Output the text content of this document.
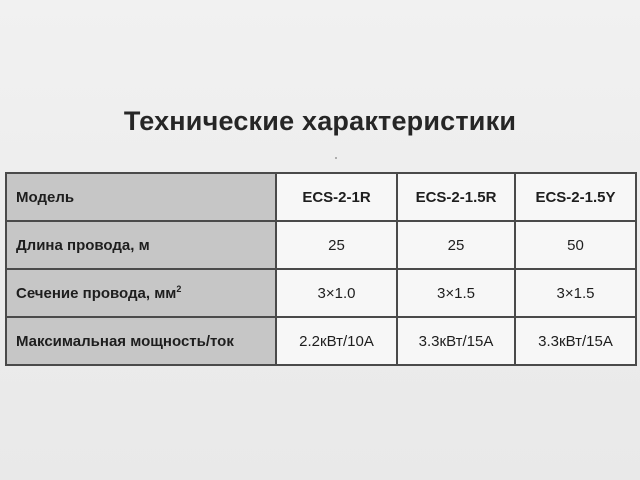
Технические характеристики
Модель	ECS-2-1R	ECS-2-1.5R	ECS-2-1.5Y
Длина провода, м	25	25	50
Сечение провода, $мм^2$	3×1.0	3×1.5	3×1.5
Максимальная мощность/ток	2.2кВт/10А	3.3кВт/15А	3.3кВт/15А
